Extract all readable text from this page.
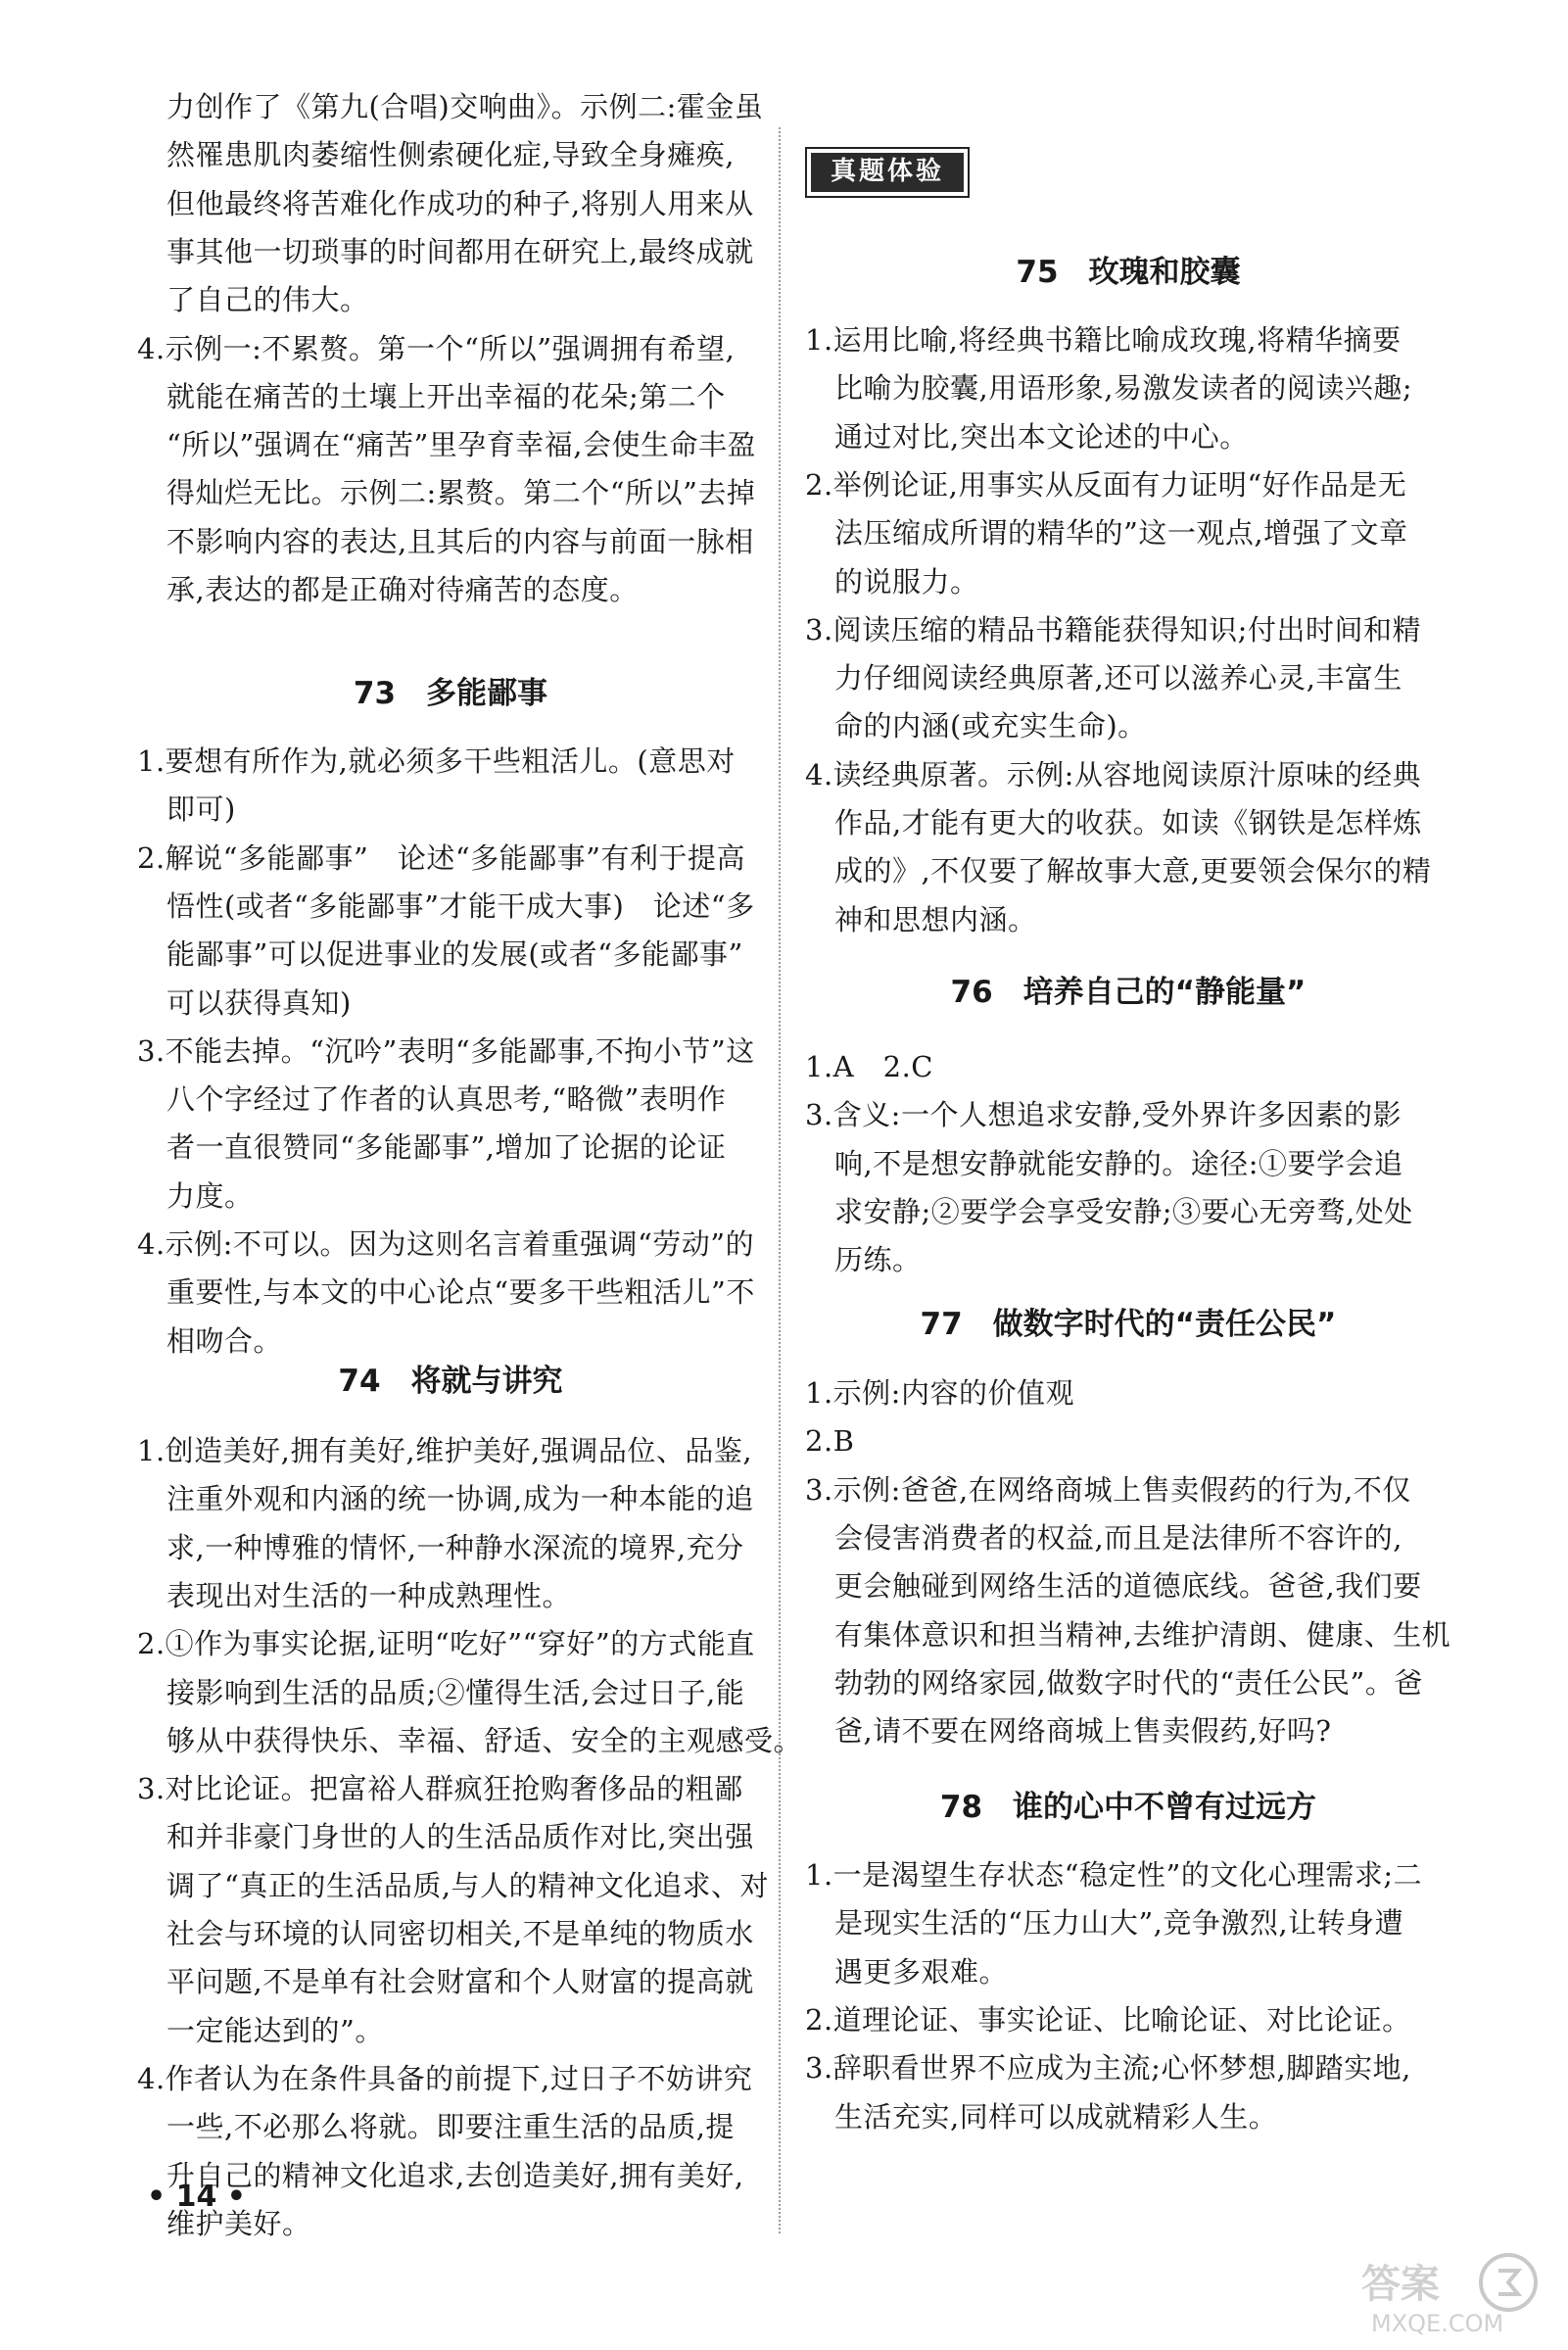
力创作了《第九(合唱)交响曲》。示例二:霍金虽

然罹患肌肉萎缩性侧索硬化症,导致全身瘫痪,

但他最终将苦难化作成功的种子,将别人用来从

事其他一切琐事的时间都用在研究上,最终成就

了自己的伟大。

4.示例一:不累赘。第一个“所以”强调拥有希望,

就能在痛苦的土壤上开出幸福的花朵;第二个

“所以”强调在“痛苦”里孕育幸福,会使生命丰盈

得灿烂无比。示例二:累赘。第二个“所以”去掉

不影响内容的表达,且其后的内容与前面一脉相

承,表达的都是正确对待痛苦的态度。

73　多能鄙事

1.要想有所作为,就必须多干些粗活儿。(意思对

即可)

2.解说“多能鄙事”　论述“多能鄙事”有利于提高

悟性(或者“多能鄙事”才能干成大事)　论述“多

能鄙事”可以促进事业的发展(或者“多能鄙事”

可以获得真知)

3.不能去掉。“沉吟”表明“多能鄙事,不拘小节”这

八个字经过了作者的认真思考,“略微”表明作

者一直很赞同“多能鄙事”,增加了论据的论证

力度。

4.示例:不可以。因为这则名言着重强调“劳动”的

重要性,与本文的中心论点“要多干些粗活儿”不

相吻合。

74　将就与讲究

1.创造美好,拥有美好,维护美好,强调品位、品鉴,

注重外观和内涵的统一协调,成为一种本能的追

求,一种博雅的情怀,一种静水深流的境界,充分

表现出对生活的一种成熟理性。

2.①作为事实论据,证明“吃好”“穿好”的方式能直

接影响到生活的品质;②懂得生活,会过日子,能

够从中获得快乐、幸福、舒适、安全的主观感受。

3.对比论证。把富裕人群疯狂抢购奢侈品的粗鄙

和并非豪门身世的人的生活品质作对比,突出强

调了“真正的生活品质,与人的精神文化追求、对

社会与环境的认同密切相关,不是单纯的物质水

平问题,不是单有社会财富和个人财富的提高就

一定能达到的”。

4.作者认为在条件具备的前提下,过日子不妨讲究

一些,不必那么将就。即要注重生活的品质,提

升自己的精神文化追求,去创造美好,拥有美好,

维护美好。

真题体验
75　玫瑰和胶囊

1.运用比喻,将经典书籍比喻成玫瑰,将精华摘要

比喻为胶囊,用语形象,易激发读者的阅读兴趣;

通过对比,突出本文论述的中心。

2.举例论证,用事实从反面有力证明“好作品是无

法压缩成所谓的精华的”这一观点,增强了文章

的说服力。

3.阅读压缩的精品书籍能获得知识;付出时间和精

力仔细阅读经典原著,还可以滋养心灵,丰富生

命的内涵(或充实生命)。

4.读经典原著。示例:从容地阅读原汁原味的经典

作品,才能有更大的收获。如读《钢铁是怎样炼

成的》,不仅要了解故事大意,更要领会保尔的精

神和思想内涵。

76　培养自己的“静能量”

1.A　2.C

3.含义:一个人想追求安静,受外界许多因素的影

响,不是想安静就能安静的。途径:①要学会追

求安静;②要学会享受安静;③要心无旁骛,处处

历练。

77　做数字时代的“责任公民”

1.示例:内容的价值观

2.B

3.示例:爸爸,在网络商城上售卖假药的行为,不仅

会侵害消费者的权益,而且是法律所不容许的,

更会触碰到网络生活的道德底线。爸爸,我们要

有集体意识和担当精神,去维护清朗、健康、生机

勃勃的网络家园,做数字时代的“责任公民”。爸

爸,请不要在网络商城上售卖假药,好吗?

78　谁的心中不曾有过远方

1.一是渴望生存状态“稳定性”的文化心理需求;二

是现实生活的“压力山大”,竞争激烈,让转身遭

遇更多艰难。

2.道理论证、事实论证、比喻论证、对比论证。

3.辞职看世界不应成为主流;心怀梦想,脚踏实地,

生活充实,同样可以成就精彩人生。

• 14 •
答案
MXQE.COM
